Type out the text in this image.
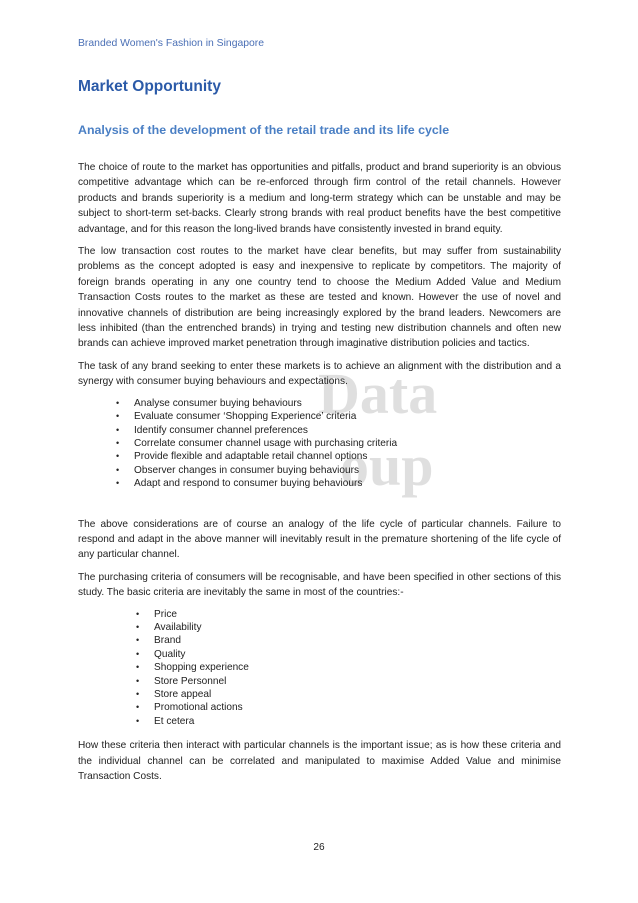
Branded Women's Fashion in Singapore
Market Opportunity
Analysis of the development of the retail trade and its life cycle
Data
oup

The choice of route to the market has opportunities and pitfalls, product and brand superiority is an obvious competitive advantage which can be re-enforced through firm control of the retail channels. However products and brands superiority is a medium and long-term strategy which can be unstable and may be subject to short-term set-backs. Clearly strong brands with real product benefits have the best competitive advantage, and for this reason the long-lived brands have consistently invested in brand equity.

The low transaction cost routes to the market have clear benefits, but may suffer from sustainability problems as the concept adopted is easy and inexpensive to replicate by competitors. The majority of foreign brands operating in any one country tend to choose the Medium Added Value and Medium Transaction Costs routes to the market as these are tested and known. However the use of novel and innovative channels of distribution are being increasingly explored by the brand leaders. Newcomers are less inhibited (than the entrenched brands) in trying and testing new distribution channels and often new brands can achieve improved market penetration through imaginative distribution policies and tactics.

The task of any brand seeking to enter these markets is to achieve an alignment with the distribution and a synergy with consumer buying behaviours and expectations.

• Analyse consumer buying behaviours
• Evaluate consumer ‘Shopping Experience’ criteria
• Identify consumer channel preferences
• Correlate consumer channel usage with purchasing criteria
• Provide flexible and adaptable retail channel options
• Observer changes in consumer buying behaviours
• Adapt and respond to consumer buying behaviours

The above considerations are of course an analogy of the life cycle of particular channels. Failure to respond and adapt in the above manner will inevitably result in the premature shortening of the life cycle of any particular channel.

The purchasing criteria of consumers will be recognisable, and have been specified in other sections of this study. The basic criteria are inevitably the same in most of the countries:-

• Price
• Availability
• Brand
• Quality
• Shopping experience
• Store Personnel
• Store appeal
• Promotional actions
• Et cetera

How these criteria then interact with particular channels is the important issue; as is how these criteria and the individual channel can be correlated and manipulated to maximise Added Value and minimise Transaction Costs.

26
